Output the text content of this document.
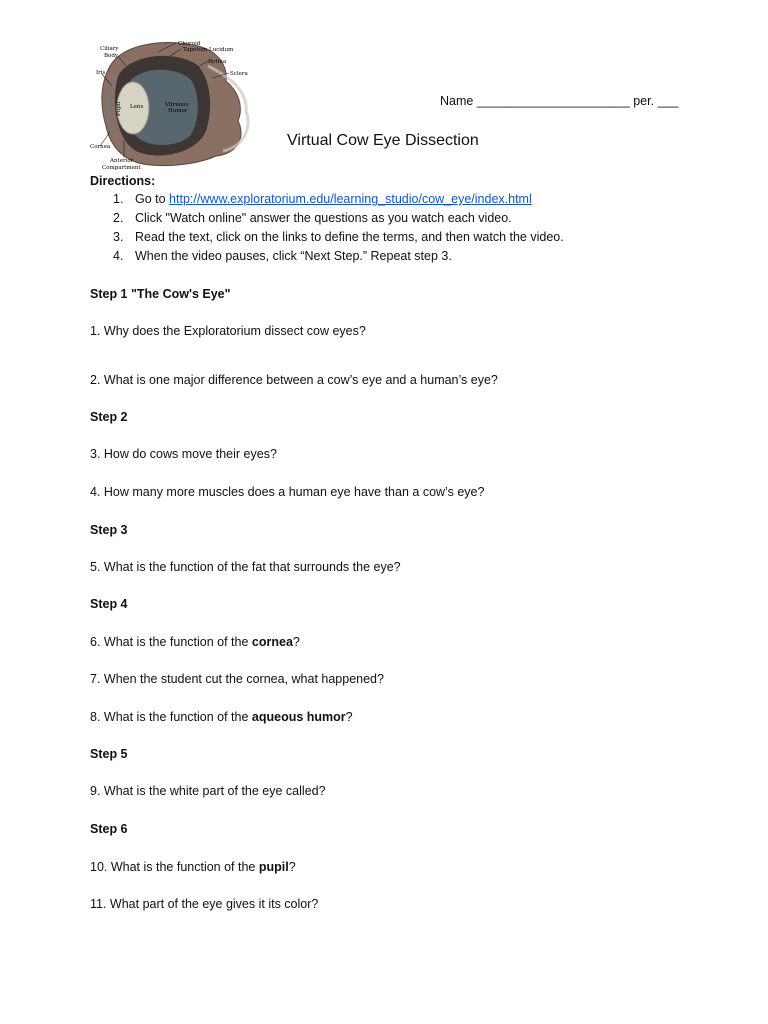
Choroid
Tapetum Lucidum
Ciliary
Body
Retina
Iris	Sclera
Pupil Lens	Vitreous
Humor
Cornea
Anterior
Compartment
Name ______________________ per. ___
Virtual Cow Eye Dissection
Directions:
1. Go to http://www.exploratorium.edu/learning_studio/cow_eye/index.html
2. Click "Watch online" answer the questions as you watch each video.
3. Read the text, click on the links to define the terms, and then watch the video.
4. When the video pauses, click “Next Step.” Repeat step 3.
Step 1 "The Cow's Eye"
1. Why does the Exploratorium dissect cow eyes?
2. What is one major difference between a cow’s eye and a human’s eye?
Step 2
3. How do cows move their eyes?
4. How many more muscles does a human eye have than a cow’s eye?
Step 3
5. What is the function of the fat that surrounds the eye?
Step 4
6. What is the function of the cornea?
7. When the student cut the cornea, what happened?
8. What is the function of the aqueous humor?
Step 5
9. What is the white part of the eye called?
Step 6
10. What is the function of the pupil?
11. What part of the eye gives it its color?
